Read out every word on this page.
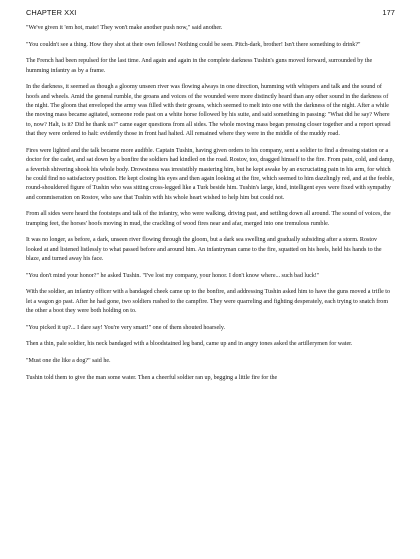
CHAPTER XXI	177

"We've given it 'em hot, mate! They won't make another push now," said another.

"You couldn't see a thing. How they shot at their own fellows! Nothing could be seen. Pitch-dark, brother! Isn't there something to drink?"

The French had been repulsed for the last time. And again and again in the complete darkness Tushin's guns moved forward, surrounded by the humming infantry as by a frame.

In the darkness, it seemed as though a gloomy unseen river was flowing always in one direction, humming with whispers and talk and the sound of hoofs and wheels. Amid the general rumble, the groans and voices of the wounded were more distinctly heard than any other sound in the darkness of the night. The gloom that enveloped the army was filled with their groans, which seemed to melt into one with the darkness of the night. After a while the moving mass became agitated, someone rode past on a white horse followed by his suite, and said something in passing: "What did he say? Where to, now? Halt, is it? Did he thank us?" came eager questions from all sides. The whole moving mass began pressing closer together and a report spread that they were ordered to halt: evidently those in front had halted. All remained where they were in the middle of the muddy road.

Fires were lighted and the talk became more audible. Captain Tushin, having given orders to his company, sent a soldier to find a dressing station or a doctor for the cadet, and sat down by a bonfire the soldiers had kindled on the road. Rostov, too, dragged himself to the fire. From pain, cold, and damp, a feverish shivering shook his whole body. Drowsiness was irresistibly mastering him, but he kept awake by an excruciating pain in his arm, for which he could find no satisfactory position. He kept closing his eyes and then again looking at the fire, which seemed to him dazzlingly red, and at the feeble, round-shouldered figure of Tushin who was sitting cross-legged like a Turk beside him. Tushin's large, kind, intelligent eyes were fixed with sympathy and commiseration on Rostov, who saw that Tushin with his whole heart wished to help him but could not.

From all sides were heard the footsteps and talk of the infantry, who were walking, driving past, and settling down all around. The sound of voices, the tramping feet, the horses' hoofs moving in mud, the crackling of wood fires near and afar, merged into one tremulous rumble.

It was no longer, as before, a dark, unseen river flowing through the gloom, but a dark sea swelling and gradually subsiding after a storm. Rostov looked at and listened listlessly to what passed before and around him. An infantryman came to the fire, squatted on his heels, held his hands to the blaze, and turned away his face.

"You don't mind your honor?" he asked Tushin. "I've lost my company, your honor. I don't know where... such bad luck!"

With the soldier, an infantry officer with a bandaged cheek came up to the bonfire, and addressing Tushin asked him to have the guns moved a trifle to let a wagon go past. After he had gone, two soldiers rushed to the campfire. They were quarreling and fighting desperately, each trying to snatch from the other a boot they were both holding on to.

"You picked it up?... I dare say! You're very smart!" one of them shouted hoarsely.

Then a thin, pale soldier, his neck bandaged with a bloodstained leg band, came up and in angry tones asked the artillerymen for water.

"Must one die like a dog?" said he.

Tushin told them to give the man some water. Then a cheerful soldier ran up, begging a little fire for the
